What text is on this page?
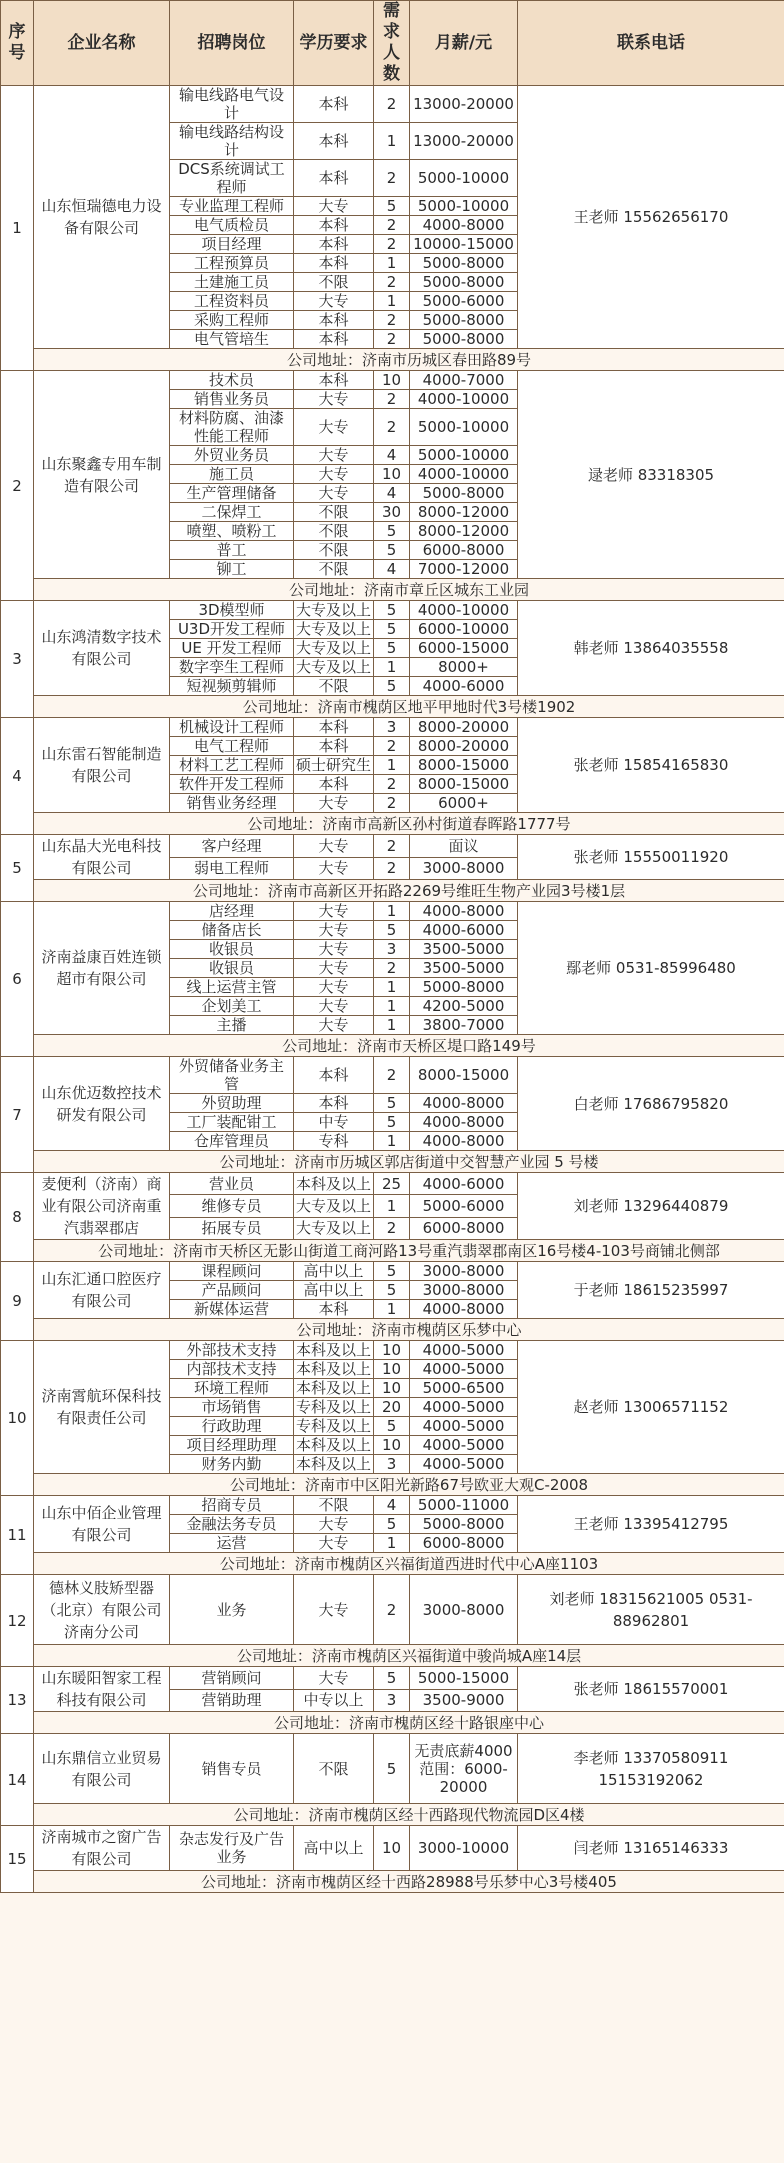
序号	企业名称	招聘岗位	学历要求	需求人数	月薪/元	联系电话
1	山东恒瑞德电力设备有限公司	输电线路电气设计	本科	2	13000-20000	王老师 15562656170
		输电线路结构设计	本科	1	13000-20000	
		DCS系统调试工程师	本科	2	5000-10000	
		专业监理工程师	大专	5	5000-10000	
		电气质检员	本科	2	4000-8000	
		项目经理	本科	2	10000-15000	
		工程预算员	本科	1	5000-8000	
		土建施工员	不限	2	5000-8000	
		工程资料员	大专	1	5000-6000	
		采购工程师	本科	2	5000-8000	
		电气管培生	本科	2	5000-8000	
	公司地址：济南市历城区春田路89号					
2	山东聚鑫专用车制造有限公司	技术员	本科	10	4000-7000	逯老师 83318305
		销售业务员	大专	2	4000-10000	
		材料防腐、油漆性能工程师	大专	2	5000-10000	
		外贸业务员	大专	4	5000-10000	
		施工员	大专	10	4000-10000	
		生产管理储备	大专	4	5000-8000	
		二保焊工	不限	30	8000-12000	
		喷塑、喷粉工	不限	5	8000-12000	
		普工	不限	5	6000-8000	
		铆工	不限	4	7000-12000	
	公司地址：济南市章丘区城东工业园					
3	山东鸿清数字技术有限公司	3D模型师	大专及以上	5	4000-10000	韩老师 13864035558
		U3D开发工程师	大专及以上	5	6000-10000	
		UE 开发工程师	大专及以上	5	6000-15000	
		数字孪生工程师	大专及以上	1	8000+	
		短视频剪辑师	不限	5	4000-6000	
	公司地址：济南市槐荫区地平甲地时代3号楼1902					
4	山东雷石智能制造有限公司	机械设计工程师	本科	3	8000-20000	张老师 15854165830
		电气工程师	本科	2	8000-20000	
		材料工艺工程师	硕士研究生	1	8000-15000	
		软件开发工程师	本科	2	8000-15000	
		销售业务经理	大专	2	6000+	
	公司地址：济南市高新区孙村街道春晖路1777号					
5	山东晶大光电科技有限公司	客户经理	大专	2	面议	张老师 15550011920
		弱电工程师	大专	2	3000-8000	
	公司地址：济南市高新区开拓路2269号维旺生物产业园3号楼1层					
6	济南益康百姓连锁超市有限公司	店经理	大专	1	4000-8000	鄢老师 0531-85996480
		储备店长	大专	5	4000-6000	
		收银员	大专	3	3500-5000	
		收银员	大专	2	3500-5000	
		线上运营主管	大专	1	5000-8000	
		企划美工	大专	1	4200-5000	
		主播	大专	1	3800-7000	
	公司地址：济南市天桥区堤口路149号					
7	山东优迈数控技术研发有限公司	外贸储备业务主管	本科	2	8000-15000	白老师 17686795820
		外贸助理	本科	5	4000-8000	
		工厂装配钳工	中专	5	4000-8000	
		仓库管理员	专科	1	4000-8000	
	公司地址：济南市历城区郭店街道中交智慧产业园 5 号楼					
8	麦便利（济南）商业有限公司济南重汽翡翠郡店	营业员	本科及以上	25	4000-6000	刘老师 13296440879
		维修专员	大专及以上	1	5000-6000	
		拓展专员	大专及以上	2	6000-8000	
	公司地址：济南市天桥区无影山街道工商河路13号重汽翡翠郡南区16号楼4-103号商铺北侧部					
9	山东汇通口腔医疗有限公司	课程顾问	高中以上	5	3000-8000	于老师 18615235997
		产品顾问	高中以上	5	3000-8000	
		新媒体运营	本科	1	4000-8000	
	公司地址：济南市槐荫区乐梦中心					
10	济南霄航环保科技有限责任公司	外部技术支持	本科及以上	10	4000-5000	赵老师 13006571152
		内部技术支持	本科及以上	10	4000-5000	
		环境工程师	本科及以上	10	5000-6500	
		市场销售	专科及以上	20	4000-5000	
		行政助理	专科及以上	5	4000-5000	
		项目经理助理	本科及以上	10	4000-5000	
		财务内勤	本科及以上	3	4000-5000	
	公司地址：济南市中区阳光新路67号欧亚大观C-2008					
11	山东中佰企业管理有限公司	招商专员	不限	4	5000-11000	王老师 13395412795
		金融法务专员	大专	5	5000-8000	
		运营	大专	1	6000-8000	
	公司地址：济南市槐荫区兴福街道西进时代中心A座1103					
12	德林义肢矫型器（北京）有限公司济南分公司	业务	大专	2	3000-8000	刘老师 18315621005 0531-88962801
	公司地址：济南市槐荫区兴福街道中骏尚城A座14层					
13	山东暖阳智家工程科技有限公司	营销顾问	大专	5	5000-15000	张老师 18615570001
		营销助理	中专以上	3	3500-9000	
	公司地址：济南市槐荫区经十路银座中心					
14	山东鼎信立业贸易有限公司	销售专员	不限	5	无责底薪4000 范围：6000-20000	李老师 13370580911 15153192062
	公司地址：济南市槐荫区经十西路现代物流园D区4楼					
15	济南城市之窗广告有限公司	杂志发行及广告业务	高中以上	10	3000-10000	闫老师 13165146333
	公司地址：济南市槐荫区经十西路28988号乐梦中心3号楼405					
